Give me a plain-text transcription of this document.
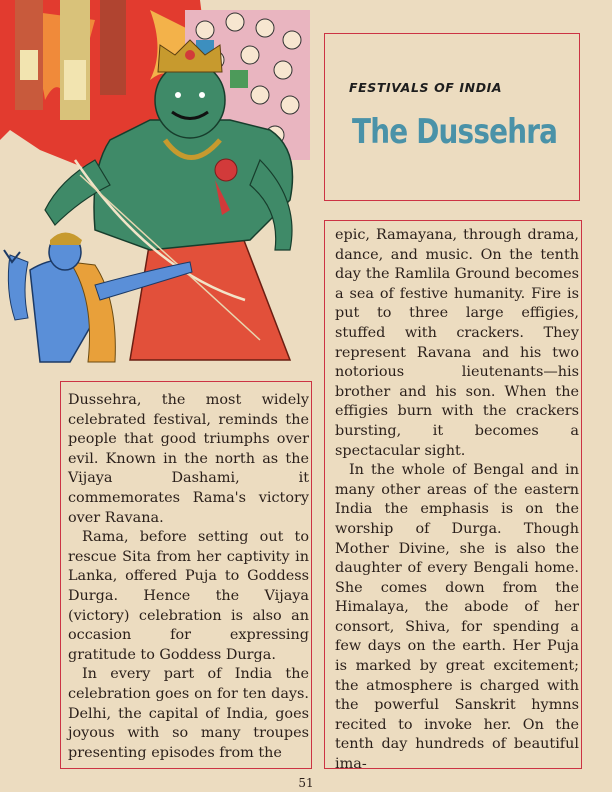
FESTIVALS OF INDIA
The Dussehra

Dussehra, the most widely celebrated festival, reminds the people that good triumphs over evil. Known in the north as the Vijaya Dashami, it commemorates Rama's victory over Ravana.

Rama, before setting out to rescue Sita from her captivity in Lanka, offered Puja to Goddess Durga. Hence the Vijaya (victory) celebration is also an occasion for expressing gratitude to Goddess Durga.

In every part of India the celebration goes on for ten days. Delhi, the capital of India, goes joyous with so many troupes presenting episodes from the

epic, Ramayana, through drama, dance, and music. On the tenth day the Ramlila Ground becomes a sea of festive humanity. Fire is put to three large effigies, stuffed with crackers. They represent Ravana and his two notorious lieutenants—his brother and his son. When the effigies burn with the crackers bursting, it becomes a spectacular sight.

In the whole of Bengal and in many other areas of the eastern India the emphasis is on the worship of Durga. Though Mother Divine, she is also the daughter of every Bengali home. She comes down from the Himalaya, the abode of her consort, Shiva, for spending a few days on the earth. Her Puja is marked by great excitement; the atmosphere is charged with the powerful Sanskrit hymns recited to invoke her. On the tenth day hundreds of beautiful ima-

51
